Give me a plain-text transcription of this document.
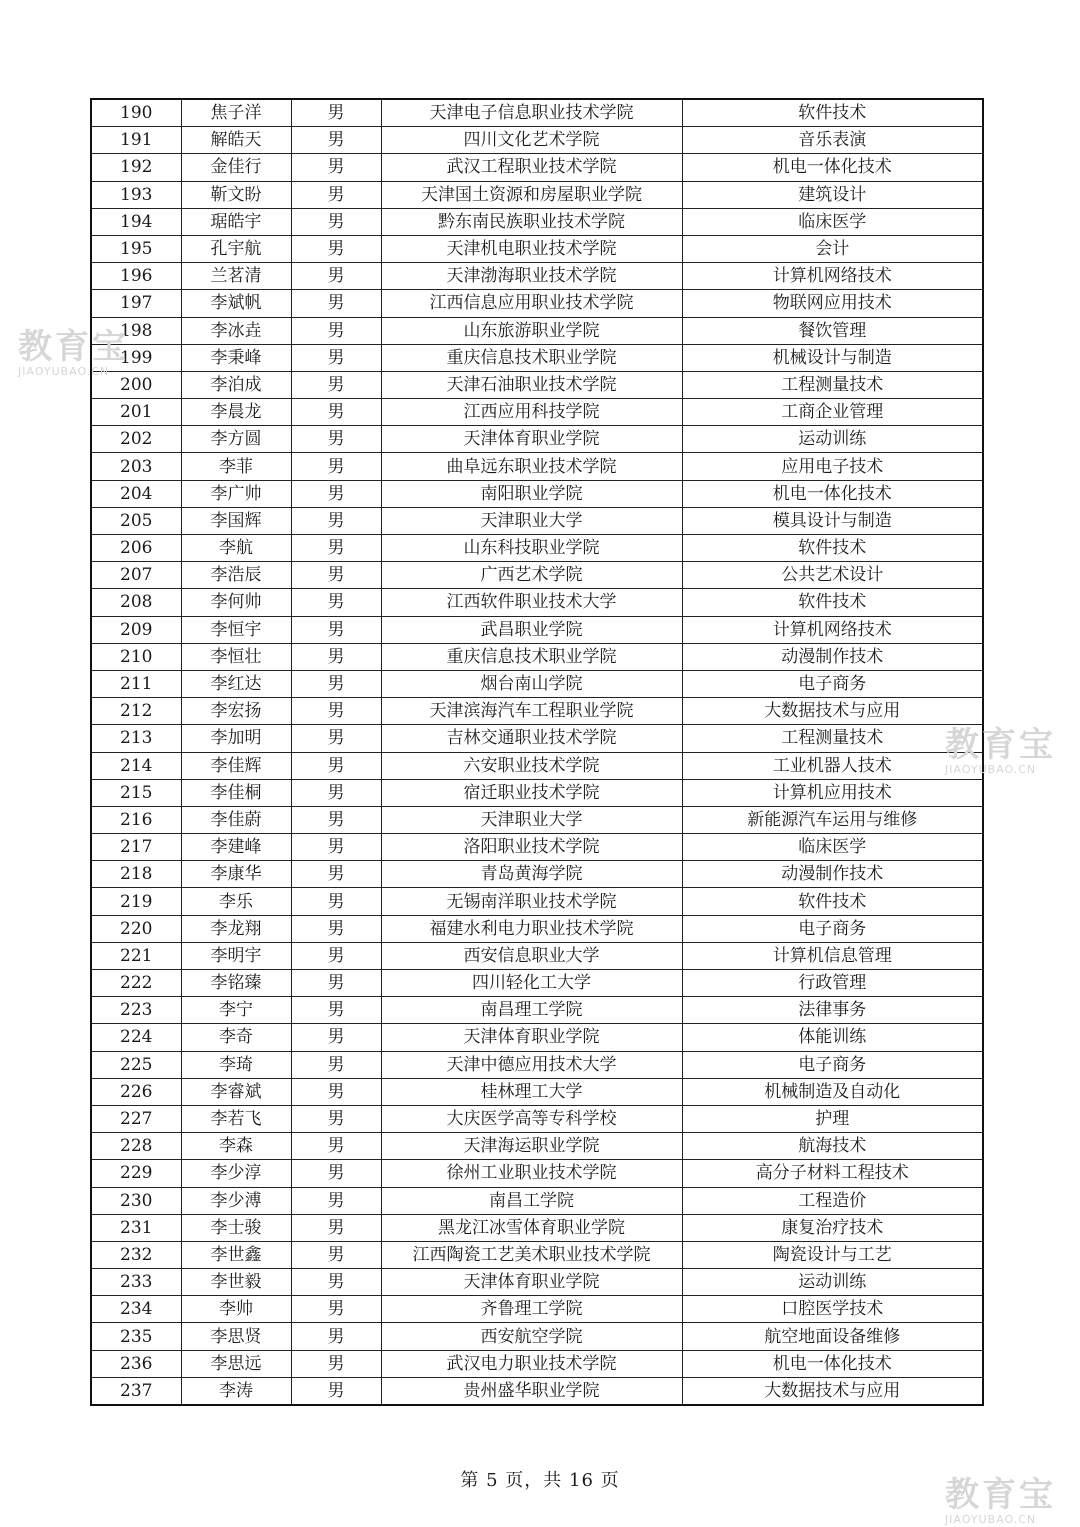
190	焦子洋	男	天津电子信息职业技术学院	软件技术
191	解皓天	男	四川文化艺术学院	音乐表演
192	金佳行	男	武汉工程职业技术学院	机电一体化技术
193	靳文盼	男	天津国土资源和房屋职业学院	建筑设计
194	琚皓宇	男	黔东南民族职业技术学院	临床医学
195	孔宇航	男	天津机电职业技术学院	会计
196	兰茗清	男	天津渤海职业技术学院	计算机网络技术
197	李斌帆	男	江西信息应用职业技术学院	物联网应用技术
198	李冰垚	男	山东旅游职业学院	餐饮管理
199	李秉峰	男	重庆信息技术职业学院	机械设计与制造
200	李泊成	男	天津石油职业技术学院	工程测量技术
201	李晨龙	男	江西应用科技学院	工商企业管理
202	李方圆	男	天津体育职业学院	运动训练
203	李菲	男	曲阜远东职业技术学院	应用电子技术
204	李广帅	男	南阳职业学院	机电一体化技术
205	李国辉	男	天津职业大学	模具设计与制造
206	李航	男	山东科技职业学院	软件技术
207	李浩辰	男	广西艺术学院	公共艺术设计
208	李何帅	男	江西软件职业技术大学	软件技术
209	李恒宇	男	武昌职业学院	计算机网络技术
210	李恒壮	男	重庆信息技术职业学院	动漫制作技术
211	李红达	男	烟台南山学院	电子商务
212	李宏扬	男	天津滨海汽车工程职业学院	大数据技术与应用
213	李加明	男	吉林交通职业技术学院	工程测量技术
214	李佳辉	男	六安职业技术学院	工业机器人技术
215	李佳桐	男	宿迁职业技术学院	计算机应用技术
216	李佳蔚	男	天津职业大学	新能源汽车运用与维修
217	李建峰	男	洛阳职业技术学院	临床医学
218	李康华	男	青岛黄海学院	动漫制作技术
219	李乐	男	无锡南洋职业技术学院	软件技术
220	李龙翔	男	福建水利电力职业技术学院	电子商务
221	李明宇	男	西安信息职业大学	计算机信息管理
222	李铭臻	男	四川轻化工大学	行政管理
223	李宁	男	南昌理工学院	法律事务
224	李奇	男	天津体育职业学院	体能训练
225	李琦	男	天津中德应用技术大学	电子商务
226	李睿斌	男	桂林理工大学	机械制造及自动化
227	李若飞	男	大庆医学高等专科学校	护理
228	李森	男	天津海运职业学院	航海技术
229	李少淳	男	徐州工业职业技术学院	高分子材料工程技术
230	李少溥	男	南昌工学院	工程造价
231	李士骏	男	黑龙江冰雪体育职业学院	康复治疗技术
232	李世鑫	男	江西陶瓷工艺美术职业技术学院	陶瓷设计与工艺
233	李世毅	男	天津体育职业学院	运动训练
234	李帅	男	齐鲁理工学院	口腔医学技术
235	李思贤	男	西安航空学院	航空地面设备维修
236	李思远	男	武汉电力职业技术学院	机电一体化技术
237	李涛	男	贵州盛华职业学院	大数据技术与应用
第 5 页，共 16 页
教育宝
JIAOYUBAO.CN
教育宝
JIAOYUBAO.CN
教育宝
JIAOYUBAO.CN
